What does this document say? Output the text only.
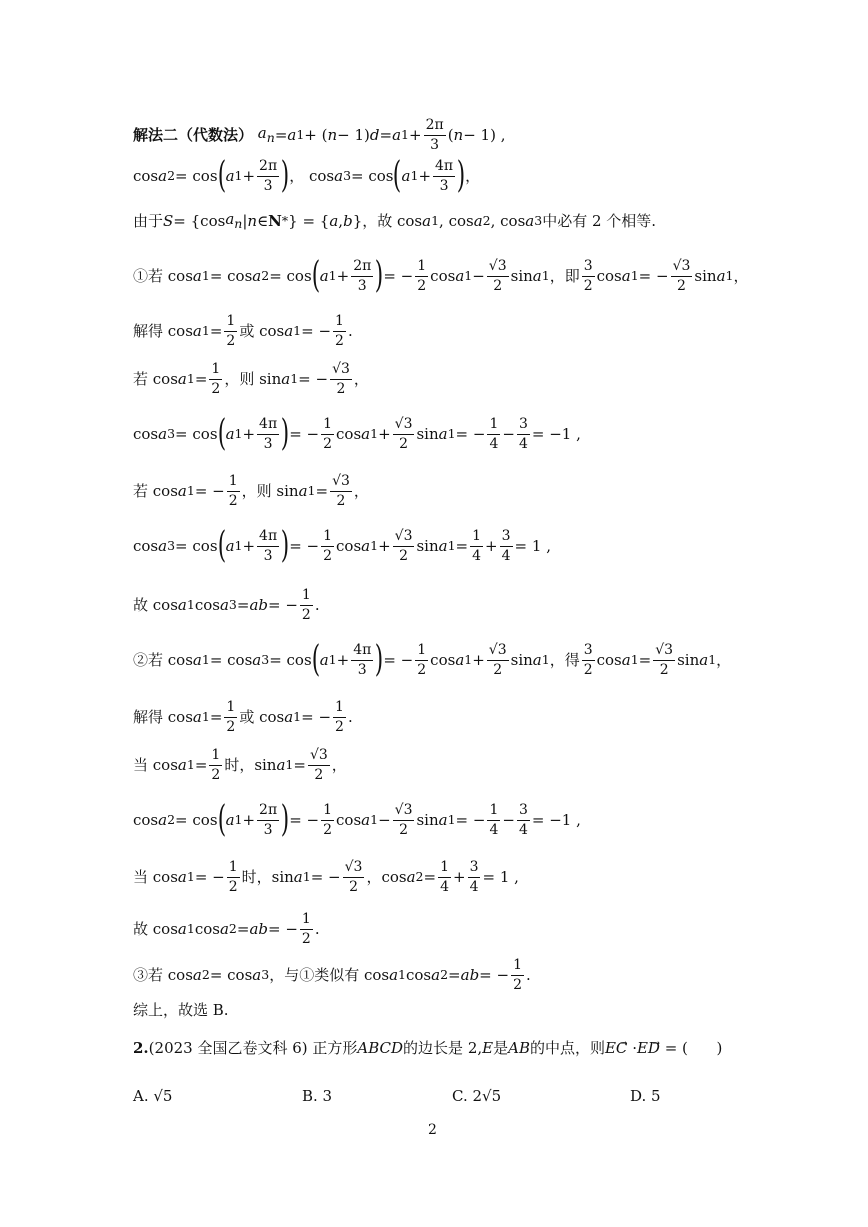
解法二（代数法）
$a_n = a$ 1 + ( n − 1) d = a $1 + \frac{2\pi}{3}$ ( n − 1) ,
cos a 2 = cos ( a $1 + \frac{2\pi}{3}$ ) ， cos a 3 = cos ( a $1 + \frac{4\pi}{3}$ ) ，
由于 S = {cos $a_n$ | n ∈ N * } = { a , b }，故 cos a 1 , cos a 2 , cos a 3 中必有 2 个相等.
①若 cos a 1 = cos a 2 = cos ( a $1 + \frac{2\pi}{3}$ ) = − $\frac{1}{2}$ cos a $1 - \frac{√3}{2}$ sin a 1 ，即 $\frac{3}{2}$ cos a 1 = − $\frac{√3}{2}$ sin a 1 ，
解得 cos a $1 = \frac{1}{2}$ 或 cos a 1 = − $\frac{1}{2}$ .
若 cos a $1 = \frac{1}{2}$ ，则 sin a 1 = − $\frac{√3}{2}$ ，
cos a 3 = cos ( a $1 + \frac{4\pi}{3}$ ) = − $\frac{1}{2}$ cos a $1 + \frac{√3}{2}$ sin a 1 = − $\frac{1}{4} - \frac{3}{4} = -1$ ,
若 cos a 1 = − $\frac{1}{2}$ ，则 sin a $1 = \frac{√3}{2}$ ，
cos a 3 = cos ( a $1 + \frac{4\pi}{3}$ ) = − $\frac{1}{2}$ cos a $1 + \frac{√3}{2}$ sin a $1 = \frac{1}{4} + \frac{3}{4} = 1$ ,
故 cos a 1 cos a 3 = ab = − $\frac{1}{2}$ .
②若 cos a 1 = cos a 3 = cos ( a $1 + \frac{4\pi}{3}$ ) = − $\frac{1}{2}$ cos a $1 + \frac{√3}{2}$ sin a 1 ，得 $\frac{3}{2}$ cos a $1 = \frac{√3}{2}$ sin a 1 ，
解得 cos a $1 = \frac{1}{2}$ 或 cos a 1 = − $\frac{1}{2}$ .
当 cos a $1 = \frac{1}{2}$ 时，sin a $1 = \frac{√3}{2}$ ，
cos a 2 = cos ( a $1 + \frac{2\pi}{3}$ ) = − $\frac{1}{2}$ cos a $1 - \frac{√3}{2}$ sin a 1 = − $\frac{1}{4} - \frac{3}{4} = -1$ ,
当 cos a 1 = − $\frac{1}{2}$ 时，sin a 1 = − $\frac{√3}{2}$ ，cos a $2 = \frac{1}{4} + \frac{3}{4} = 1$ ,
故 cos a 1 cos a 2 = ab = − $\frac{1}{2}$ .
③若 cos a 2 = cos a 3 ，与①类似有 cos a 1 cos a 2 = ab = − $\frac{1}{2}$ .
综上，故选 B.
2. (2023 全国乙卷文科 6) 正方形 ABCD 的边长是 2, E 是 AB 的中点，则 EC ⃗ · ED ⃗ = (      )
A. √5	B. 3	C. 2√5	D. 5
2
